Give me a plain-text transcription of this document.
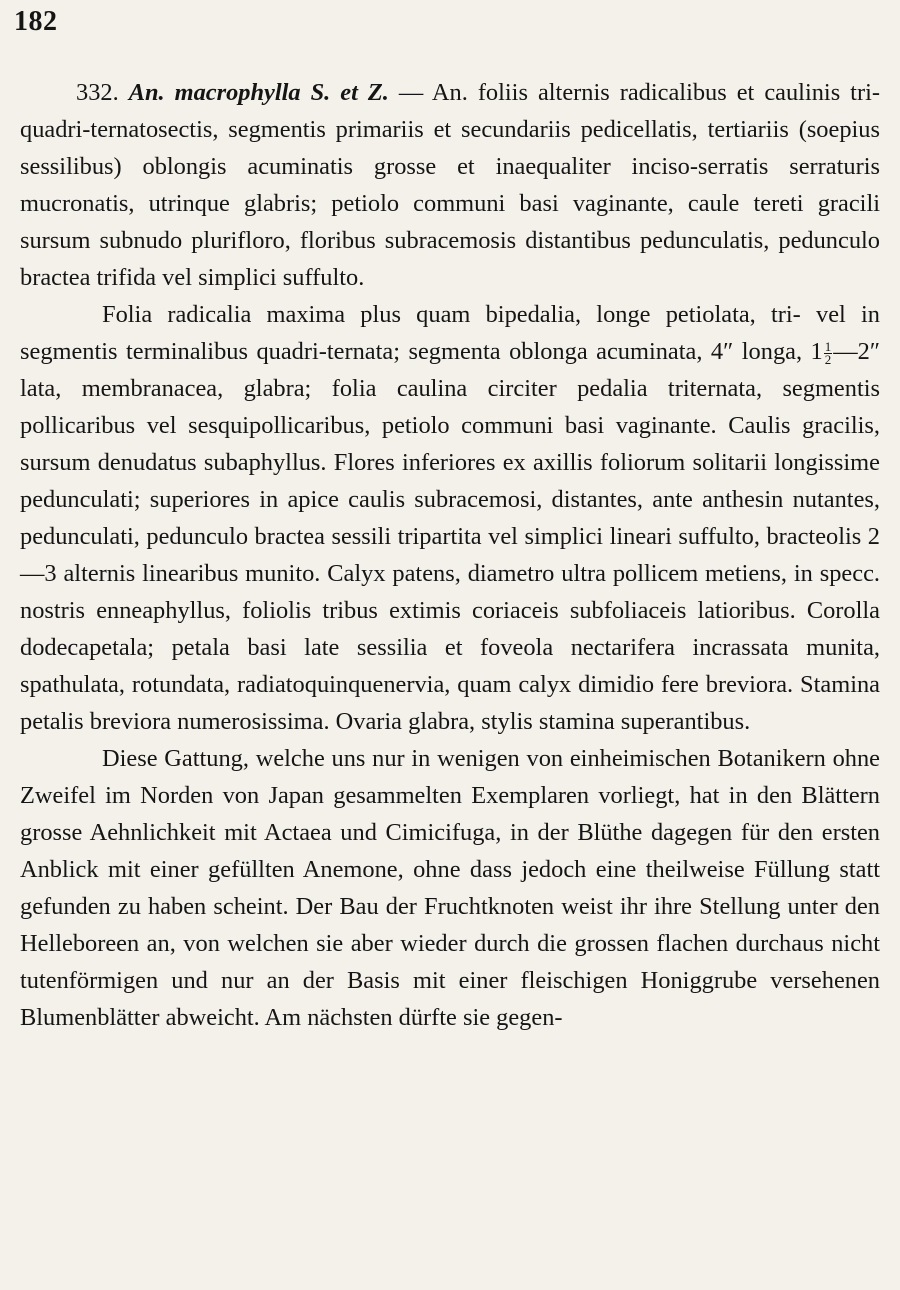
182

332. An. macrophylla S. et Z. — An. foliis alternis radicalibus et caulinis tri- quadri-ternatosectis, segmentis primariis et secundariis pedicellatis, tertiariis (soepius sessilibus) oblongis acuminatis grosse et inaequaliter inciso-serratis serraturis mucronatis, utrinque glabris; petiolo communi basi vaginante, caule tereti gracili sursum subnudo plurifloro, floribus subracemosis distantibus pedunculatis, pedunculo bractea trifida vel simplici suffulto.

Folia radicalia maxima plus quam bipedalia, longe petiolata, tri- vel in segmentis terminalibus quadri-ternata; segmenta oblonga acuminata, 4″ longa, $1 \frac{1}{2}$ —2″ lata, membranacea, glabra; folia caulina circiter pedalia triternata, segmentis pollicaribus vel sesquipollicaribus, petiolo communi basi vaginante. Caulis gracilis, sursum denudatus subaphyllus. Flores inferiores ex axillis foliorum solitarii longissime pedunculati; superiores in apice caulis subracemosi, distantes, ante anthesin nutantes, pedunculati, pedunculo bractea sessili tripartita vel simplici lineari suffulto, bracteolis 2—3 alternis linearibus munito. Calyx patens, diametro ultra pollicem metiens, in specc. nostris enneaphyllus, foliolis tribus extimis coriaceis subfoliaceis latioribus. Corolla dodecapetala; petala basi late sessilia et foveola nectarifera incrassata munita, spathulata, rotundata, radiatoquinquenervia, quam calyx dimidio fere breviora. Stamina petalis breviora numerosissima. Ovaria glabra, stylis stamina superantibus.

Diese Gattung, welche uns nur in wenigen von einheimischen Botanikern ohne Zweifel im Norden von Japan gesammelten Exemplaren vorliegt, hat in den Blättern grosse Aehnlichkeit mit Actaea und Cimicifuga, in der Blüthe dagegen für den ersten Anblick mit einer gefüllten Anemone, ohne dass jedoch eine theilweise Füllung statt gefunden zu haben scheint. Der Bau der Fruchtknoten weist ihr ihre Stellung unter den Helleboreen an, von welchen sie aber wieder durch die grossen flachen durchaus nicht tutenförmigen und nur an der Basis mit einer fleischigen Honiggrube versehenen Blumenblätter abweicht. Am nächsten dürfte sie gegen-
